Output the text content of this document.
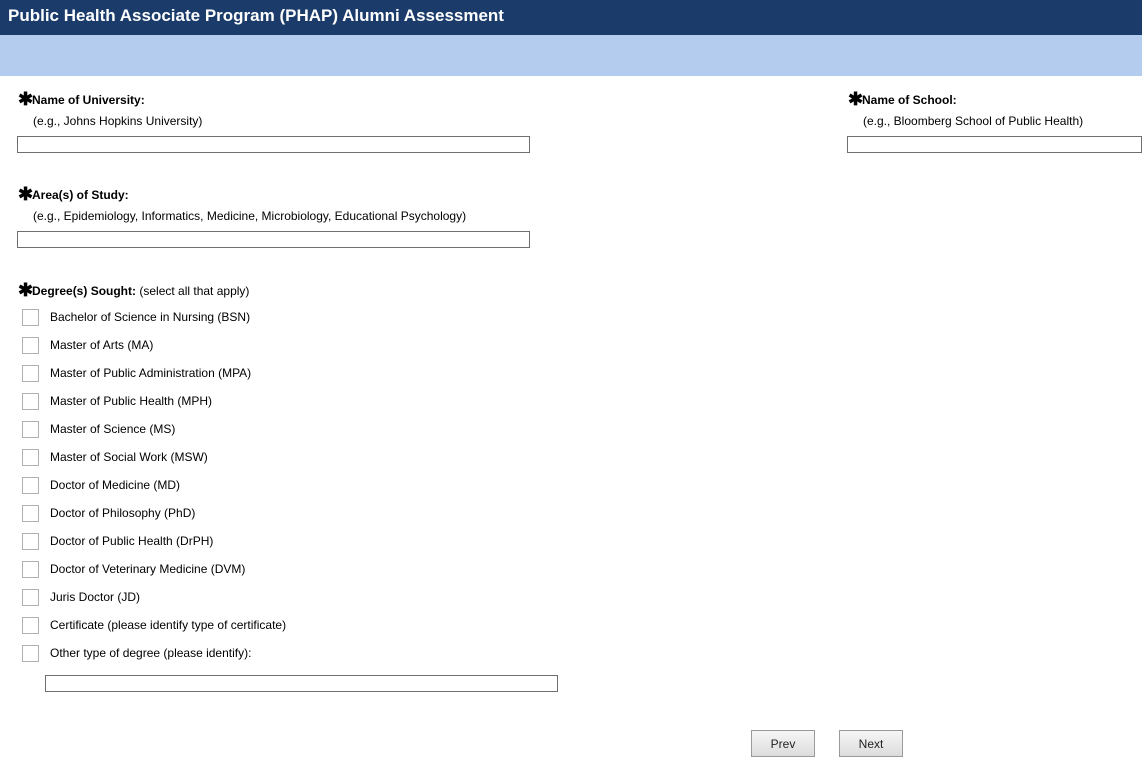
Public Health Associate Program (PHAP) Alumni Assessment
✱Name of University:
(e.g., Johns Hopkins University)
✱Name of School:
(e.g., Bloomberg School of Public Health)
✱Area(s) of Study:
(e.g., Epidemiology, Informatics, Medicine, Microbiology, Educational Psychology)
✱Degree(s) Sought: (select all that apply)
Bachelor of Science in Nursing (BSN)
Master of Arts (MA)
Master of Public Administration (MPA)
Master of Public Health (MPH)
Master of Science (MS)
Master of Social Work (MSW)
Doctor of Medicine (MD)
Doctor of Philosophy (PhD)
Doctor of Public Health (DrPH)
Doctor of Veterinary Medicine (DVM)
Juris Doctor (JD)
Certificate (please identify type of certificate)
Other type of degree (please identify):
Prev	Next
